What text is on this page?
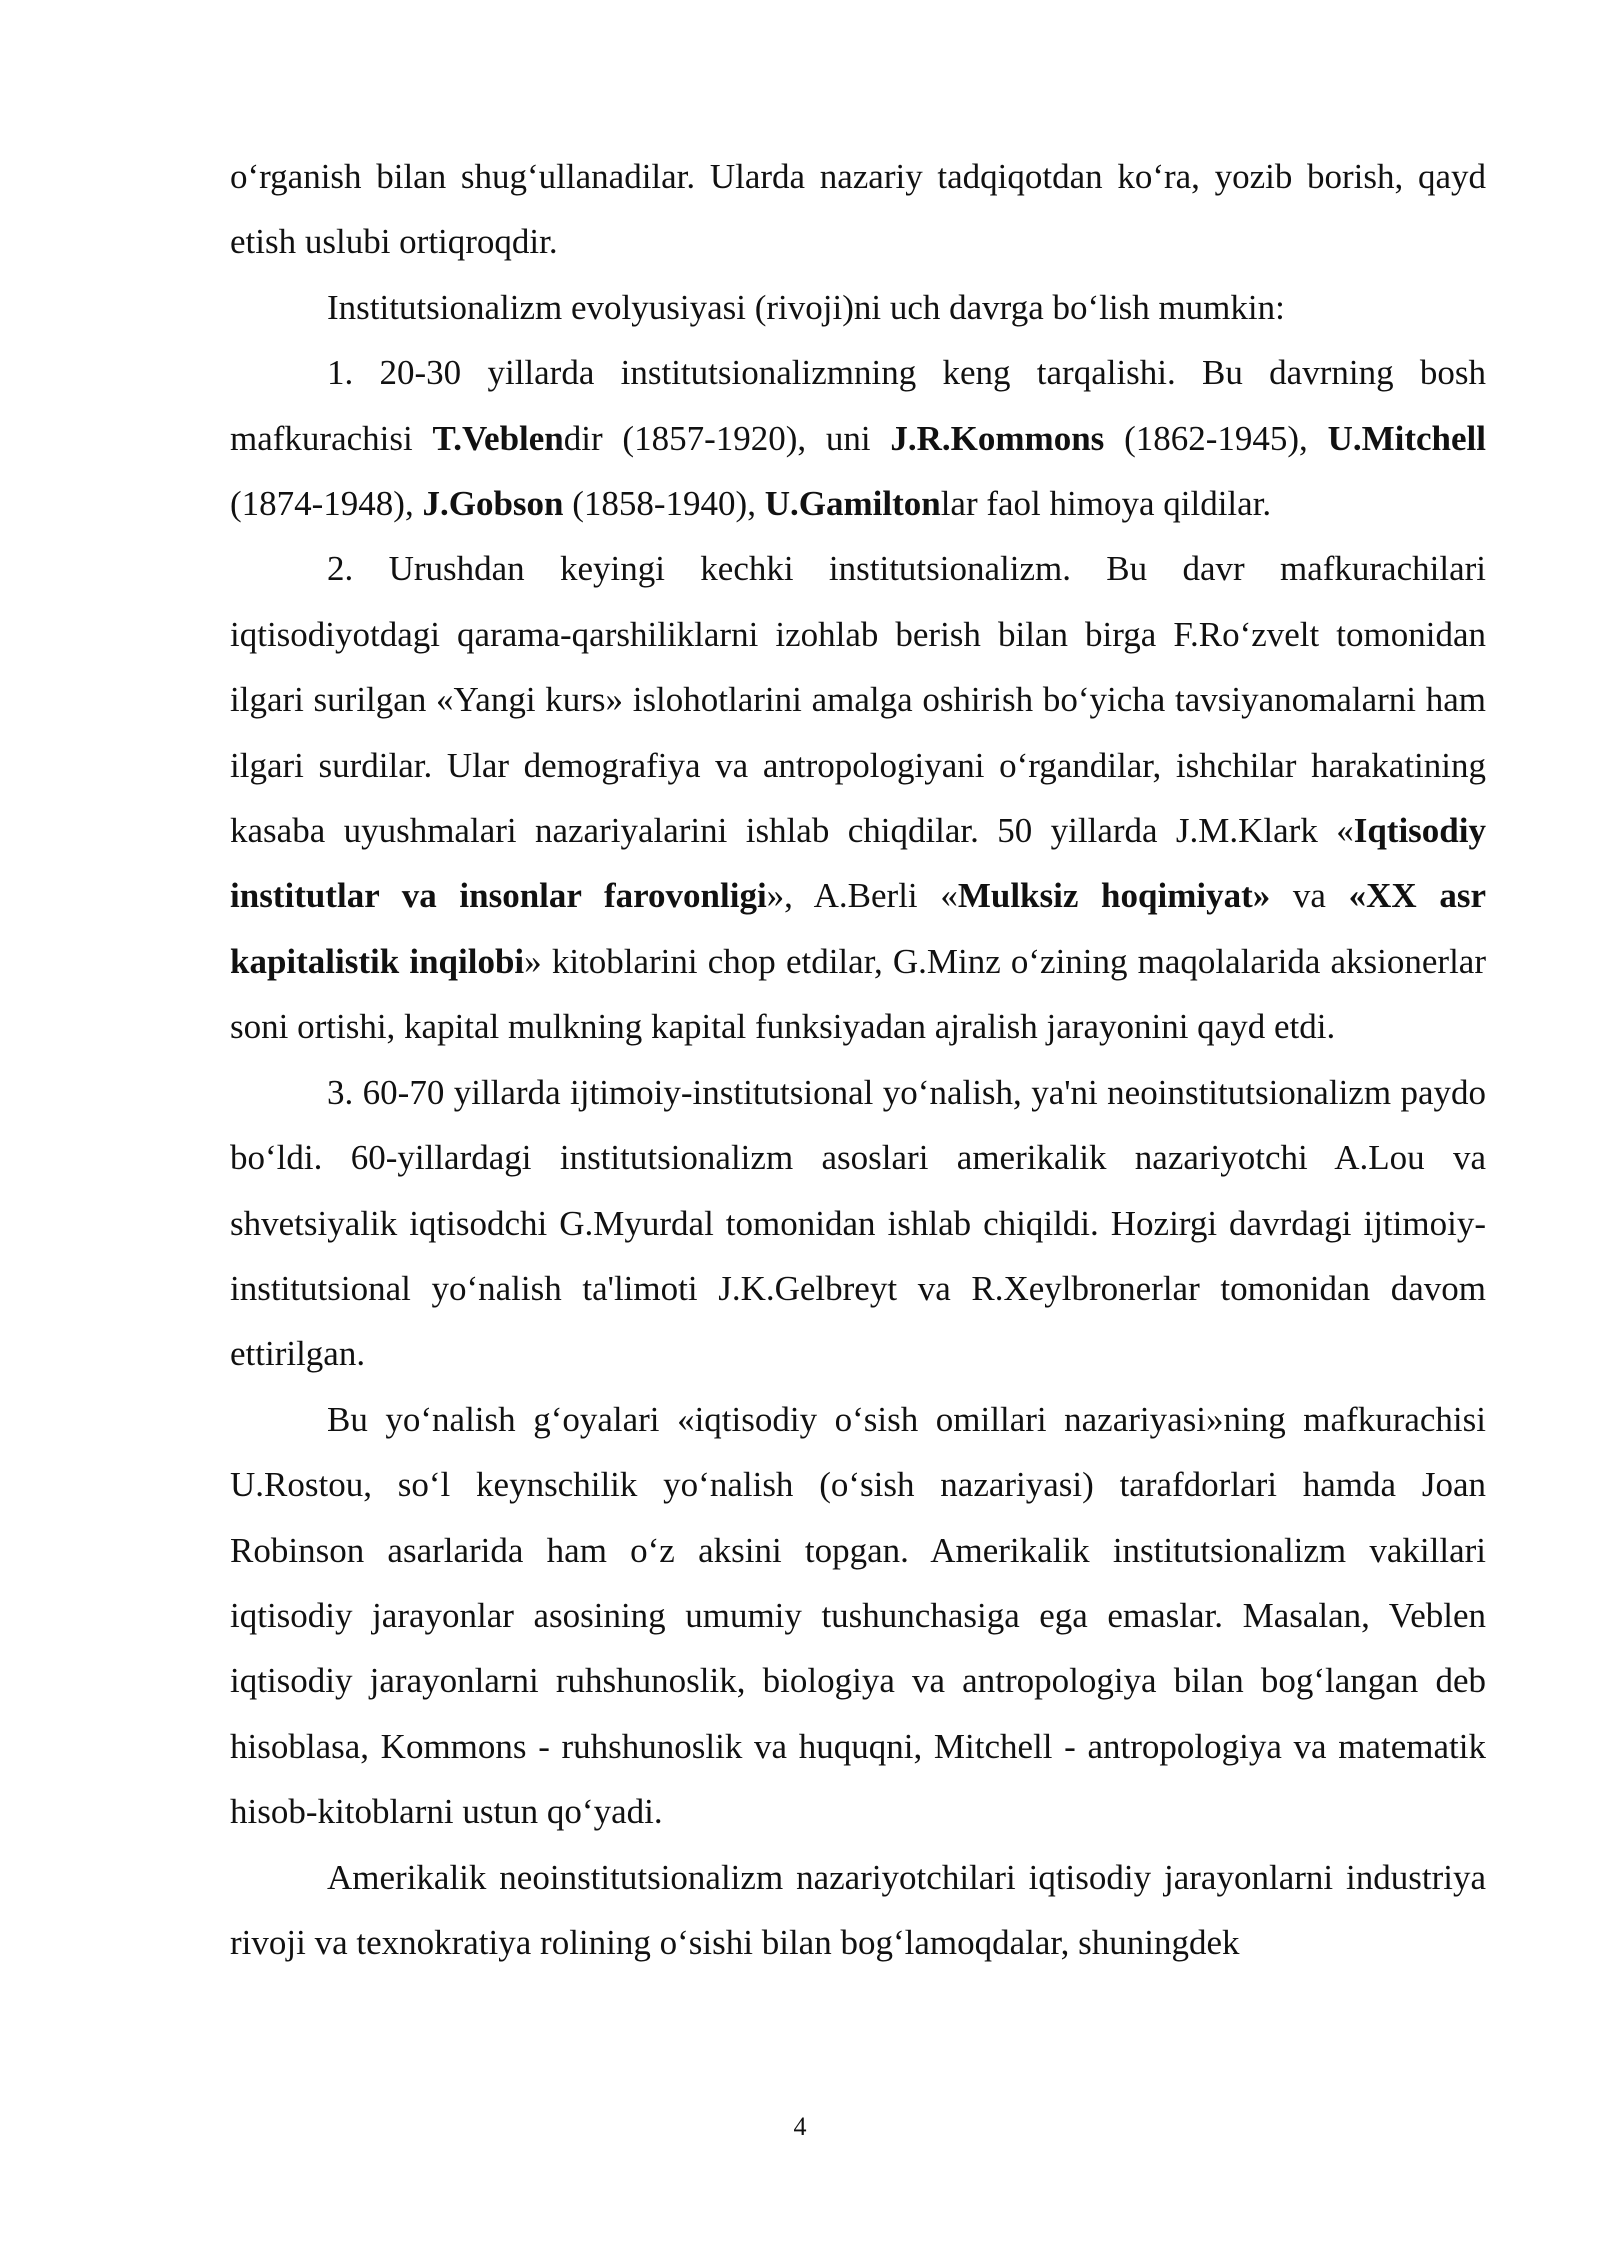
o‘rganish bilan shug‘ullanadilar. Ularda nazariy tadqiqotdan ko‘ra, yozib borish, qayd etish uslubi ortiqroqdir.

Institutsionalizm evolyusiyasi (rivoji)ni uch davrga bo‘lish mumkin:

1. 20-30 yillarda institutsionalizmning keng tarqalishi. Bu davrning bosh mafkurachisi T.Veblendir (1857-1920), uni J.R.Kommons (1862-1945), U.Mitchell (1874-1948), J.Gobson (1858-1940), U.Gamiltonlar faol himoya qildilar.

2. Urushdan keyingi kechki institutsionalizm. Bu davr mafkurachilari iqtisodiyotdagi qarama-qarshiliklarni izohlab berish bilan birga F.Ro‘zvelt tomonidan ilgari surilgan «Yangi kurs» islohotlarini amalga oshirish bo‘yicha tavsiyanomalarni ham ilgari surdilar. Ular demografiya va antropologiyani o‘rgandilar, ishchilar harakatining kasaba uyushmalari nazariyalarini ishlab chiqdilar. 50 yillarda J.M.Klark «Iqtisodiy institutlar va insonlar farovonligi», A.Berli «Mulksiz hoqimiyat» va «XX asr kapitalistik inqilobi» kitoblarini chop etdilar, G.Minz o‘zining maqolalarida aksionerlar soni ortishi, kapital mulkning kapital funksiyadan ajralish jarayonini qayd etdi.

3. 60-70 yillarda ijtimoiy-institutsional yo‘nalish, ya'ni neoinstitutsionalizm paydo bo‘ldi. 60-yillardagi institutsionalizm asoslari amerikalik nazariyotchi A.Lou va shvetsiyalik iqtisodchi G.Myurdal tomonidan ishlab chiqildi. Hozirgi davrdagi ijtimoiy-institutsional yo‘nalish ta'limoti J.K.Gelbreyt va R.Xeylbronerlar tomonidan davom ettirilgan.

Bu yo‘nalish g‘oyalari «iqtisodiy o‘sish omillari nazariyasi»ning mafkurachisi U.Rostou, so‘l keynschilik yo‘nalish (o‘sish nazariyasi) tarafdorlari hamda Joan Robinson asarlarida ham o‘z aksini topgan. Amerikalik institutsionalizm vakillari iqtisodiy jarayonlar asosining umumiy tushunchasiga ega emaslar. Masalan, Veblen iqtisodiy jarayonlarni ruhshunoslik, biologiya va antropologiya bilan bog‘langan deb hisoblasa, Kommons - ruhshunoslik va huquqni, Mitchell - antropologiya va matematik hisob-kitoblarni ustun qo‘yadi.

Amerikalik neoinstitutsionalizm nazariyotchilari iqtisodiy jarayonlarni industriya rivoji va texnokratiya rolining o‘sishi bilan bog‘lamoqdalar, shuningdek

4
